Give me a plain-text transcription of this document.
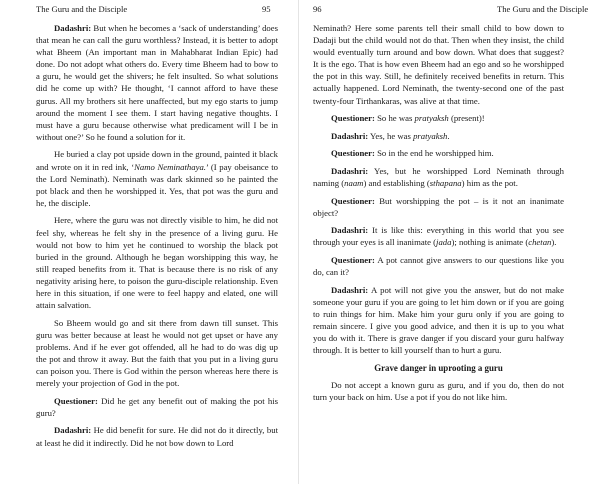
The Guru and the Disciple	95

Dadashri: But when he becomes a ‘sack of understanding’ does that mean he can call the guru worthless? Instead, it is better to adopt what Bheem (An important man in Mahabharat Indian Epic) had done. Do not adopt what others do. Every time Bheem had to bow to a guru, he would get the shivers; he felt insulted. So what solutions did he come up with? He thought, ‘I cannot afford to have these gurus. All my brothers sit here unaffected, but my ego starts to jump around the moment I see them. I start having negative thoughts. I must have a guru because otherwise what predicament will I be in without one?’ So he found a solution for it.

He buried a clay pot upside down in the ground, painted it black and wrote on it in red ink, ‘Namo Neminathaya.’ (I pay obeisance to the Lord Neminath). Neminath was dark skinned so he painted the pot black and then he worshipped it. Yes, that pot was the guru and he, the disciple.

Here, where the guru was not directly visible to him, he did not feel shy, whereas he felt shy in the presence of a living guru. He would not bow to him yet he continued to worship the black pot buried in the ground. Although he began worshipping this way, he still reaped benefits from it. That is because there is no risk of any negativity arising here, to poison the guru-disciple relationship. Even here in this situation, if one were to feel happy and elated, one will attain salvation.

So Bheem would go and sit there from dawn till sunset. This guru was better because at least he would not get upset or have any problems. And if he ever got offended, all he had to do was dig up the pot and throw it away. But the faith that you put in a living guru can poison you. There is God within the person whereas here there is merely your projection of God in the pot.

Questioner: Did he get any benefit out of making the pot his guru?

Dadashri: He did benefit for sure. He did not do it directly, but at least he did it indirectly. Did he not bow down to Lord

96	The Guru and the Disciple

Neminath? Here some parents tell their small child to bow down to Dadaji but the child would not do that. Then when they insist, the child would eventually turn around and bow down. What does that suggest? It is the ego. That is how even Bheem had an ego and so he worshipped the pot in this way. Still, he definitely received benefits in return. This actually happened. Lord Neminath, the twenty-second one of the past twenty-four Tirthankaras, was alive at that time.

Questioner: So he was pratyaksh (present)!

Dadashri: Yes, he was pratyaksh.

Questioner: So in the end he worshipped him.

Dadashri: Yes, but he worshipped Lord Neminath through naming (naam) and establishing (sthapana) him as the pot.

Questioner: But worshipping the pot – is it not an inanimate object?

Dadashri: It is like this: everything in this world that you see through your eyes is all inanimate (jada); nothing is animate (chetan).

Questioner: A pot cannot give answers to our questions like you do, can it?

Dadashri: A pot will not give you the answer, but do not make someone your guru if you are going to let him down or if you are going to ruin things for him. Make him your guru only if you are going to remain sincere. I give you good advice, and then it is up to you what you do with it. There is grave danger if you discard your guru halfway through. It is better to kill yourself than to hurt a guru.

Grave danger in uprooting a guru

Do not accept a known guru as guru, and if you do, then do not turn your back on him. Use a pot if you do not like him.
